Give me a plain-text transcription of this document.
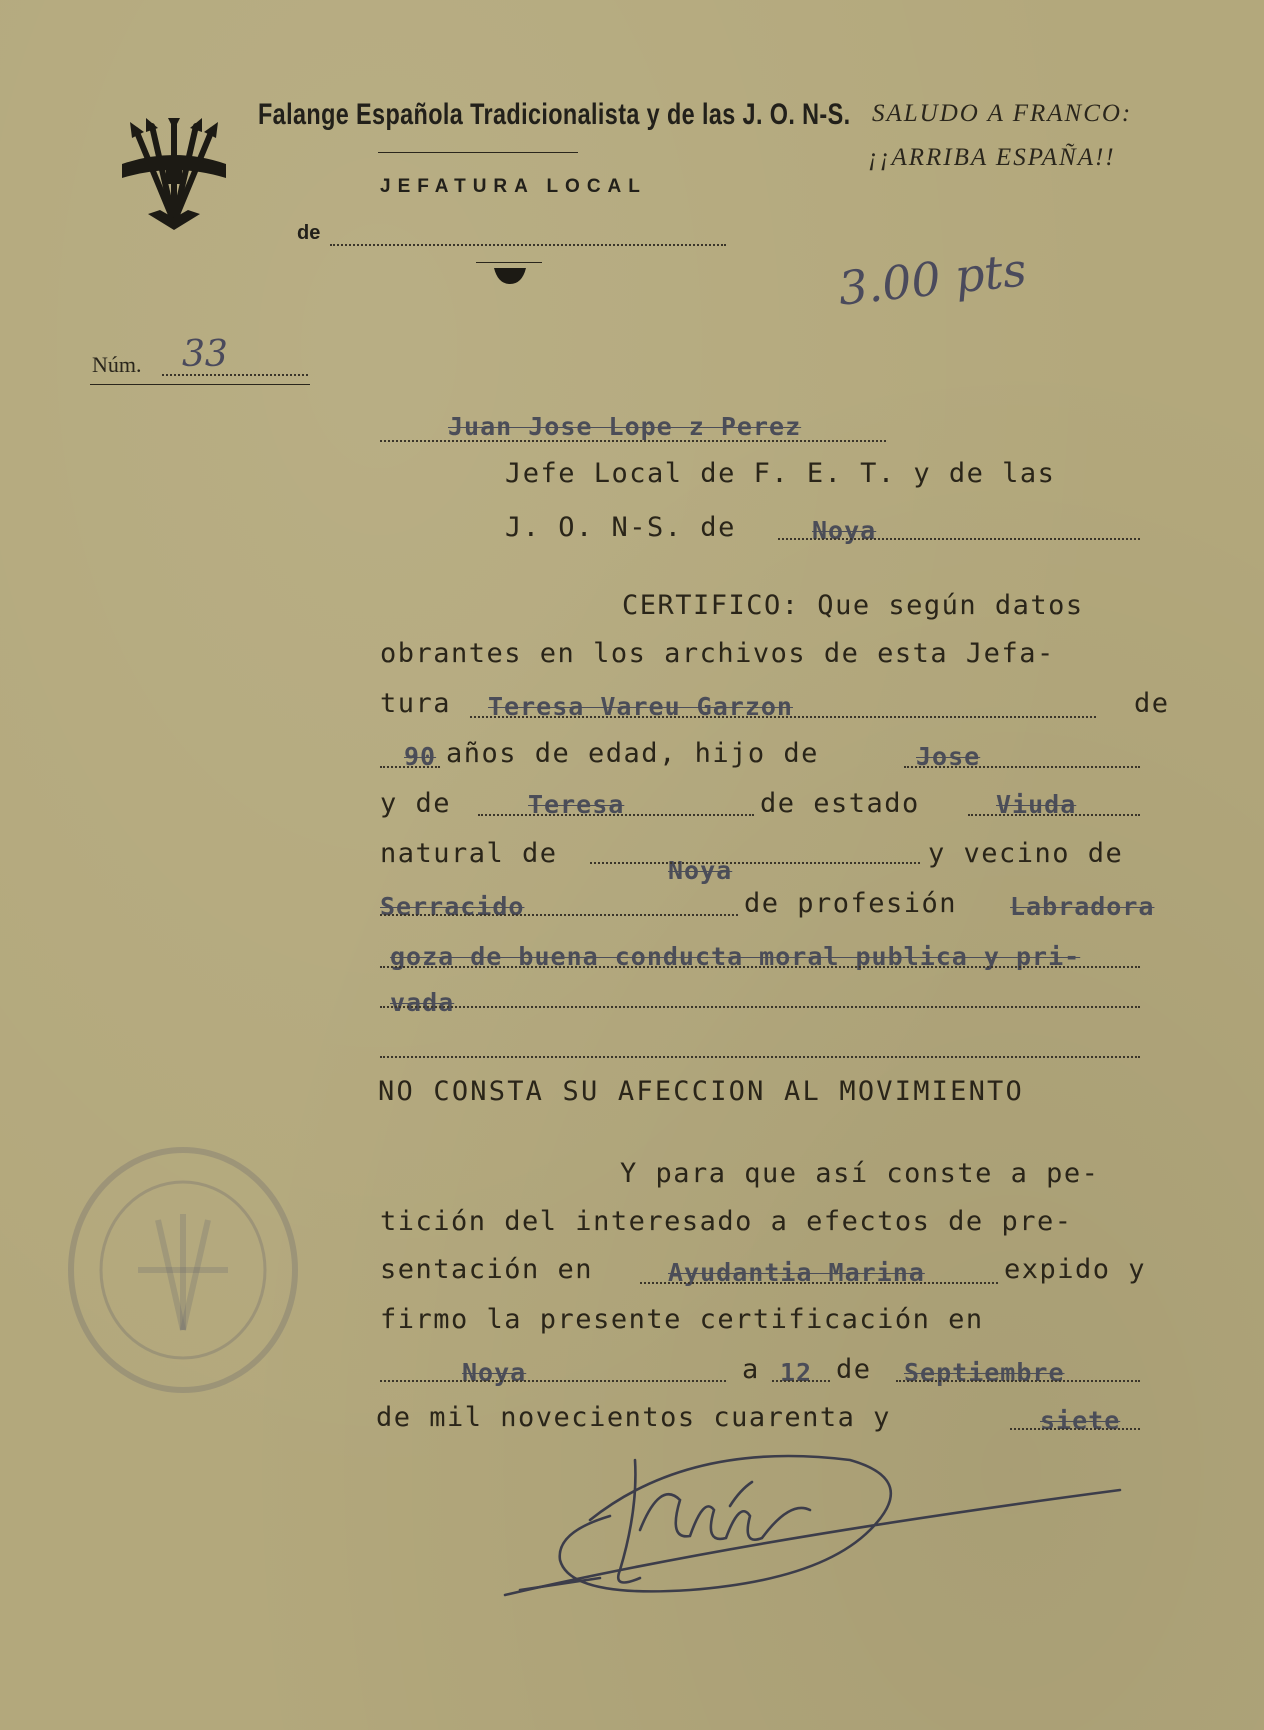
Falange Española Tradicionalista y de las J. O. N-S.
JEFATURA LOCAL
de
SALUDO A FRANCO:
¡¡ARRIBA ESPAÑA!!
3.00 pts
Núm. 33
Juan Jose Lope z Perez
Jefe Local de F. E. T. y de las
J. O. N-S. de	Noya
CERTIFICO: Que según datos
obrantes en los archivos de esta Jefa-
tura Teresa Vareu Garzon	de
90 años de edad, hijo de	Jose
y de	Teresa	de estado	Viuda
natural de
Noya
y vecino de
Serracido	de profesión Labradora
goza de buena conducta moral publica y pri-
vada
NO CONSTA SU AFECCION AL MOVIMIENTO
Y para que así conste a pe-
tición del interesado a efectos de pre-
sentación en	Ayudantia Marina	expido y
firmo la presente certificación en
Noya	a 12 de Septiembre
de mil novecientos cuarenta y	siete
